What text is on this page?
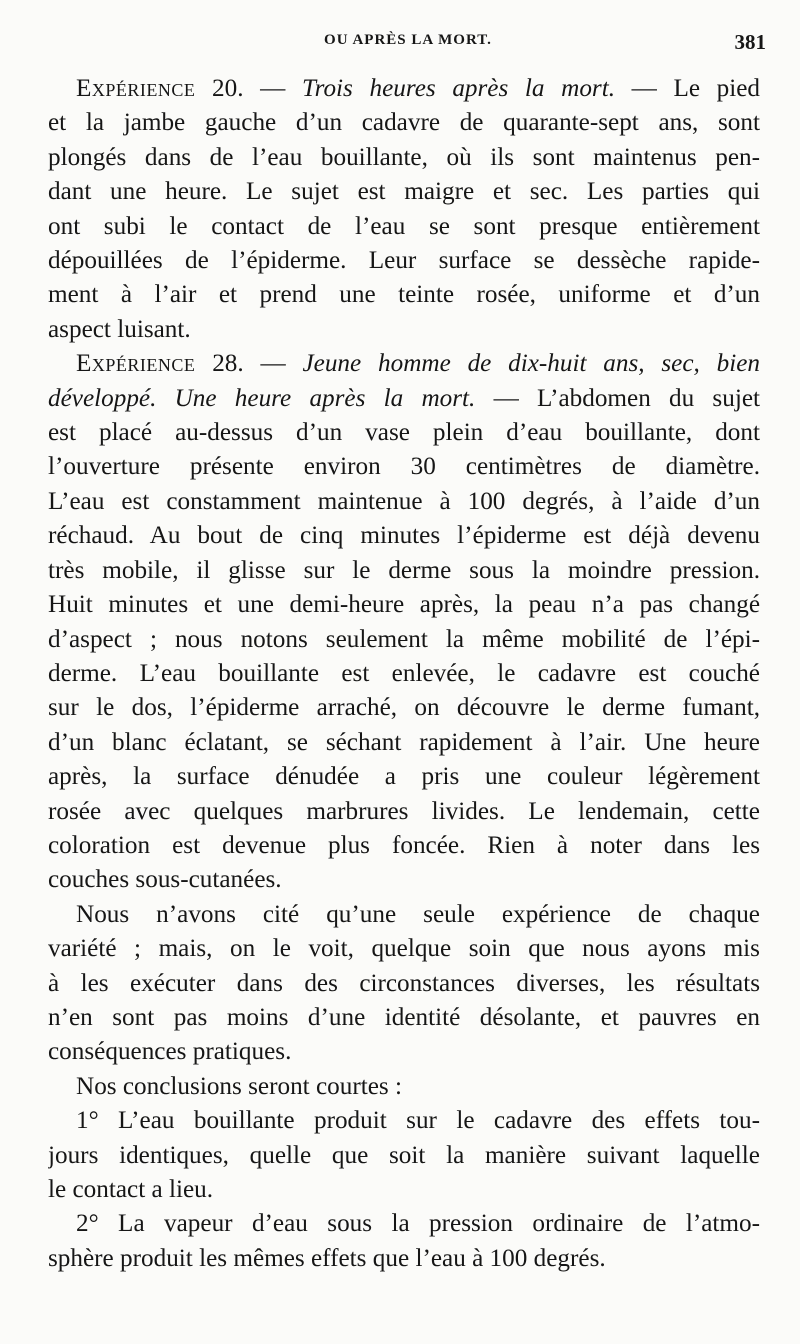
OU APRÈS LA MORT.	381
Expérience 20. — Trois heures après la mort. — Le pied
et la jambe gauche d’un cadavre de quarante-sept ans, sont
plongés dans de l’eau bouillante, où ils sont maintenus pen-
dant une heure. Le sujet est maigre et sec. Les parties qui
ont subi le contact de l’eau se sont presque entièrement
dépouillées de l’épiderme. Leur surface se dessèche rapide-
ment à l’air et prend une teinte rosée, uniforme et d’un
aspect luisant.
Expérience 28. — Jeune homme de dix-huit ans, sec, bien
développé. Une heure après la mort. — L’abdomen du sujet
est placé au-dessus d’un vase plein d’eau bouillante, dont
l’ouverture présente environ 30 centimètres de diamètre.
L’eau est constamment maintenue à 100 degrés, à l’aide d’un
réchaud. Au bout de cinq minutes l’épiderme est déjà devenu
très mobile, il glisse sur le derme sous la moindre pression.
Huit minutes et une demi-heure après, la peau n’a pas changé
d’aspect ; nous notons seulement la même mobilité de l’épi-
derme. L’eau bouillante est enlevée, le cadavre est couché
sur le dos, l’épiderme arraché, on découvre le derme fumant,
d’un blanc éclatant, se séchant rapidement à l’air. Une heure
après, la surface dénudée a pris une couleur légèrement
rosée avec quelques marbrures livides. Le lendemain, cette
coloration est devenue plus foncée. Rien à noter dans les
couches sous-cutanées.
Nous n’avons cité qu’une seule expérience de chaque
variété ; mais, on le voit, quelque soin que nous ayons mis
à les exécuter dans des circonstances diverses, les résultats
n’en sont pas moins d’une identité désolante, et pauvres en
conséquences pratiques.
Nos conclusions seront courtes :
1° L’eau bouillante produit sur le cadavre des effets tou-
jours identiques, quelle que soit la manière suivant laquelle
le contact a lieu.
2° La vapeur d’eau sous la pression ordinaire de l’atmo-
sphère produit les mêmes effets que l’eau à 100 degrés.
